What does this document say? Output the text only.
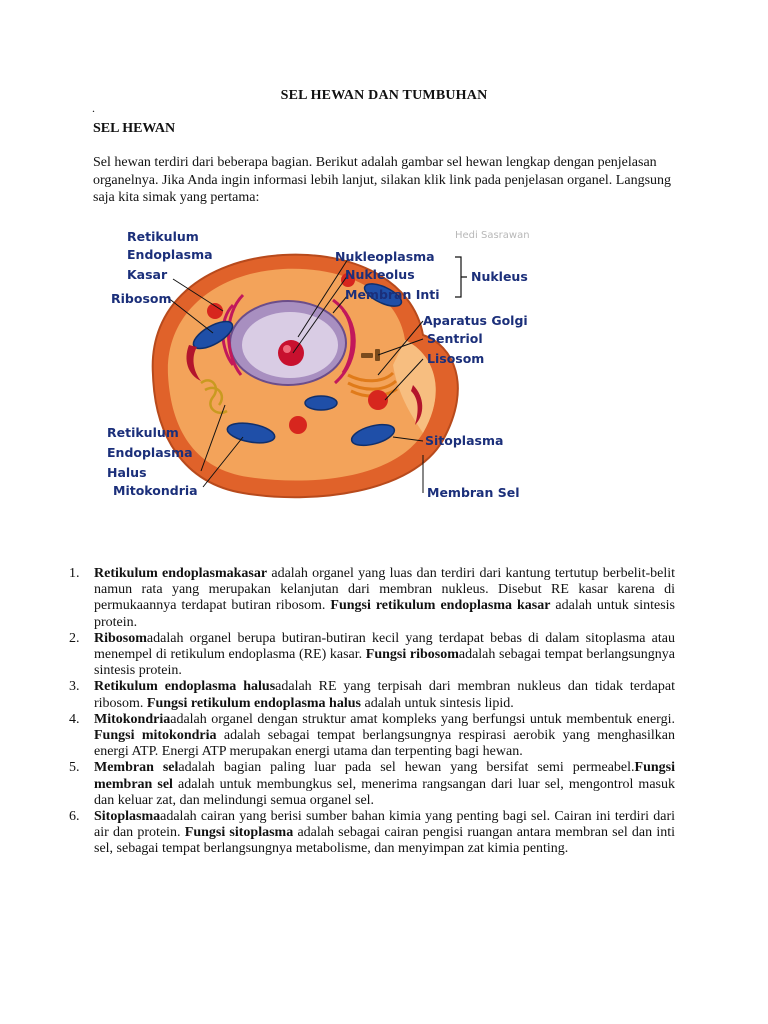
SEL HEWAN DAN TUMBUHAN
.
SEL HEWAN
Sel hewan terdiri dari beberapa bagian. Berikut adalah gambar sel hewan lengkap dengan penjelasan organelnya. Jika Anda ingin informasi lebih lanjut, silakan klik link pada penjelasan organel. Langsung saja kita simak yang pertama:
Retikulum
Endoplasma
Kasar
Ribosom
Nukleoplasma
Nukleolus
Membran Inti
Nukleus
Aparatus Golgi
Sentriol
Lisosom
Retikulum
Endoplasma
Halus
Mitokondria
Sitoplasma
Membran Sel
Hedi Sasrawan
1. Retikulum endoplasmakasar adalah organel yang luas dan terdiri dari kantung tertutup berbelit-belit namun rata yang merupakan kelanjutan dari membran nukleus. Disebut RE kasar karena di permukaannya terdapat butiran ribosom. Fungsi retikulum endoplasma kasar adalah untuk sintesis protein.
2. Ribosomadalah organel berupa butiran-butiran kecil yang terdapat bebas di dalam sitoplasma atau menempel di retikulum endoplasma (RE) kasar. Fungsi ribosomadalah sebagai tempat berlangsungnya sintesis protein.
3. Retikulum endoplasma halusadalah RE yang terpisah dari membran nukleus dan tidak terdapat ribosom. Fungsi retikulum endoplasma halus adalah untuk sintesis lipid.
4. Mitokondriaadalah organel dengan struktur amat kompleks yang berfungsi untuk membentuk energi. Fungsi mitokondria adalah sebagai tempat berlangsungnya respirasi aerobik yang menghasilkan energi ATP. Energi ATP merupakan energi utama dan terpenting bagi hewan.
5. Membran seladalah bagian paling luar pada sel hewan yang bersifat semi permeabel.Fungsi membran sel adalah untuk membungkus sel, menerima rangsangan dari luar sel, mengontrol masuk dan keluar zat, dan melindungi semua organel sel.
6. Sitoplasmaadalah cairan yang berisi sumber bahan kimia yang penting bagi sel. Cairan ini terdiri dari air dan protein. Fungsi sitoplasma adalah sebagai cairan pengisi ruangan antara membran sel dan inti sel, sebagai tempat berlangsungnya metabolisme, dan menyimpan zat kimia penting.
